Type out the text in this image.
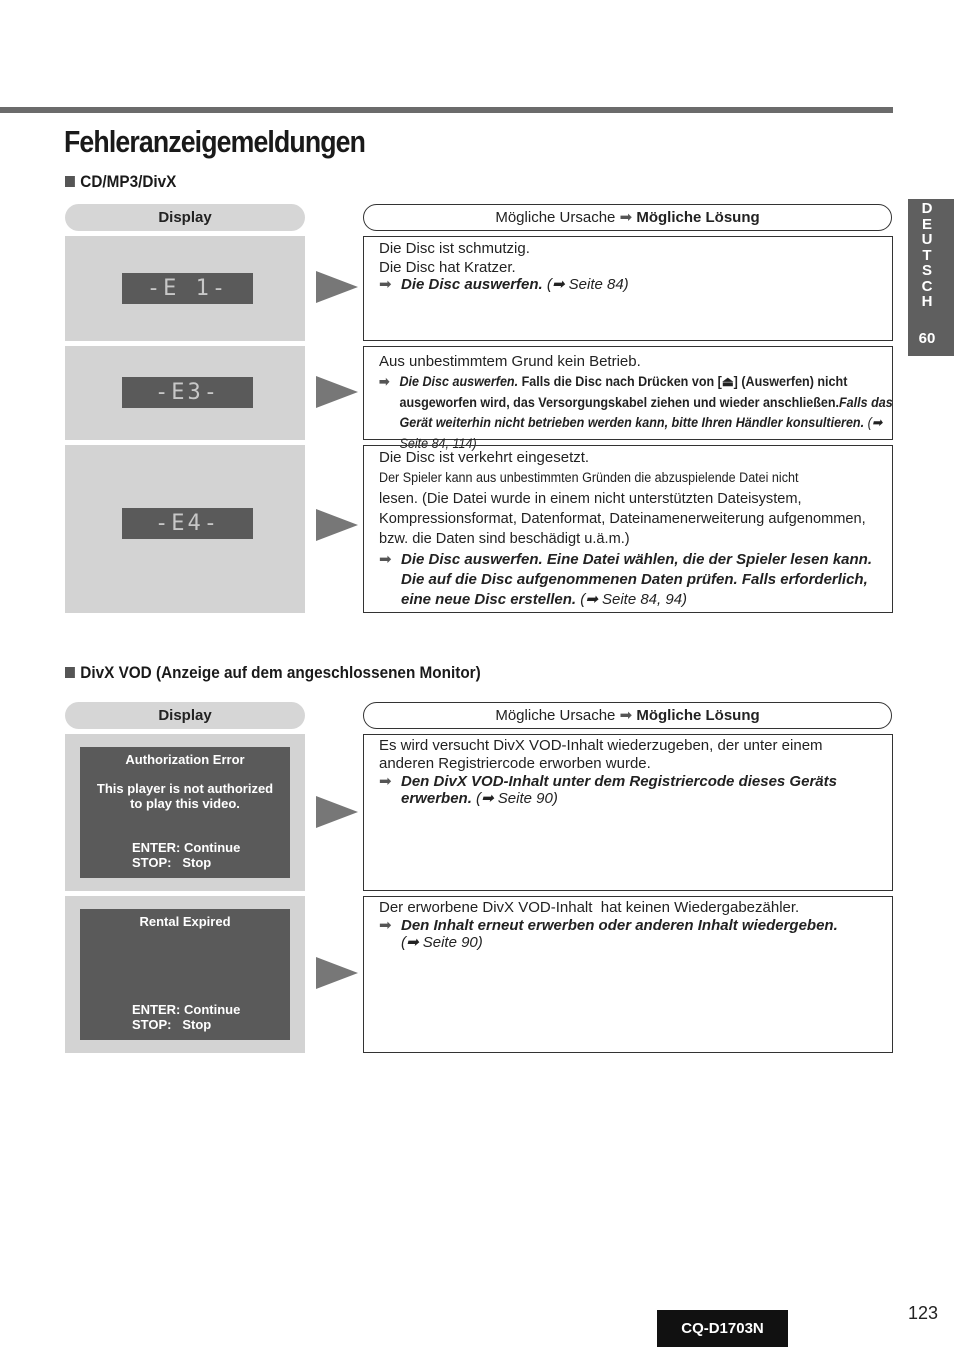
Fehleranzeigemeldungen
D
E
U
T
S
C
H
60
CD/MP3/DivX
Display	Mögliche Ursache ➡ Mögliche Lösung
-E 1-
Die Disc ist schmutzig.
Die Disc hat Kratzer.
➡ Die Disc auswerfen. (➡ Seite 84)
-E3-
Aus unbestimmtem Grund kein Betrieb.
➡ Die Disc auswerfen. Falls die Disc nach Drücken von [⏏] (Auswerfen) nicht ausgeworfen wird, das Versorgungskabel ziehen und wieder anschließen.Falls das Gerät weiterhin nicht betrieben werden kann, bitte Ihren Händler konsultieren. (➡ Seite 84, 114)
-E4-
Die Disc ist verkehrt eingesetzt.
Der Spieler kann aus unbestimmten Gründen die abzuspielende Datei nicht
lesen. (Die Datei wurde in einem nicht unterstützten Dateisystem, Kompressionsformat, Datenformat, Dateinamenerweiterung aufgenommen, bzw. die Daten sind beschädigt u.ä.m.)
➡ Die Disc auswerfen. Eine Datei wählen, die der Spieler lesen kann. Die auf die Disc aufgenommenen Daten prüfen. Falls erforderlich, eine neue Disc erstellen. (➡ Seite 84, 94)
DivX VOD (Anzeige auf dem angeschlossenen Monitor)
Display	Mögliche Ursache ➡ Mögliche Lösung
Authorization Error
This player is not authorized
to play this video.
ENTER: Continue
STOP:   Stop
Es wird versucht DivX VOD-Inhalt wiederzugeben, der unter einem anderen Registriercode erworben wurde.
➡ Den DivX VOD-Inhalt unter dem Registriercode dieses Geräts erwerben. (➡ Seite 90)
Rental Expired
ENTER: Continue
STOP:   Stop
Der erworbene DivX VOD-Inhalt  hat keinen Wiedergabezähler.
➡ Den Inhalt erneut erwerben oder anderen Inhalt wiedergeben.
(➡ Seite 90)
CQ-D1703N
123
